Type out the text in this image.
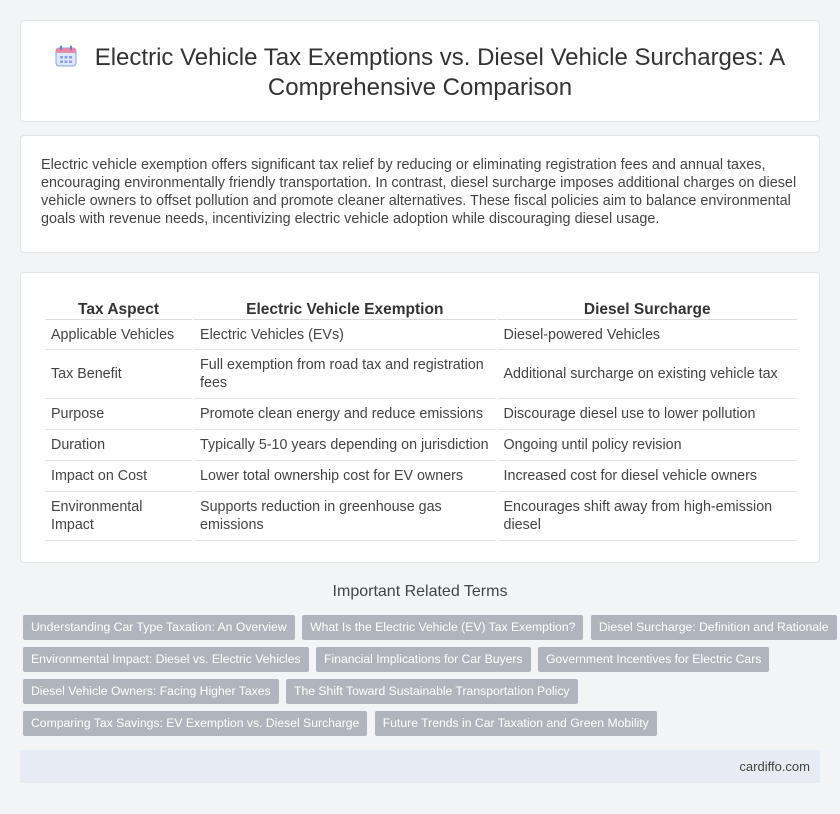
Electric Vehicle Tax Exemptions vs. Diesel Vehicle Surcharges: A
Comprehensive Comparison

Electric vehicle exemption offers significant tax relief by reducing or eliminating registration fees and annual taxes, encouraging environmentally friendly transportation. In contrast, diesel surcharge imposes additional charges on diesel vehicle owners to offset pollution and promote cleaner alternatives. These fiscal policies aim to balance environmental goals with revenue needs, incentivizing electric vehicle adoption while discouraging diesel usage.

Tax Aspect	Electric Vehicle Exemption	Diesel Surcharge
Applicable Vehicles	Electric Vehicles (EVs)	Diesel-powered Vehicles
Tax Benefit	Full exemption from road tax and registration fees	Additional surcharge on existing vehicle tax
Purpose	Promote clean energy and reduce emissions	Discourage diesel use to lower pollution
Duration	Typically 5-10 years depending on jurisdiction	Ongoing until policy revision
Impact on Cost	Lower total ownership cost for EV owners	Increased cost for diesel vehicle owners
Environmental Impact	Supports reduction in greenhouse gas emissions	Encourages shift away from high-emission diesel
Important Related Terms
Understanding Car Type Taxation: An Overview What Is the Electric Vehicle (EV) Tax Exemption? Diesel Surcharge: Definition and Rationale
Environmental Impact: Diesel vs. Electric Vehicles Financial Implications for Car Buyers Government Incentives for Electric Cars
Diesel Vehicle Owners: Facing Higher Taxes The Shift Toward Sustainable Transportation Policy
Comparing Tax Savings: EV Exemption vs. Diesel Surcharge Future Trends in Car Taxation and Green Mobility
cardiffo.com
